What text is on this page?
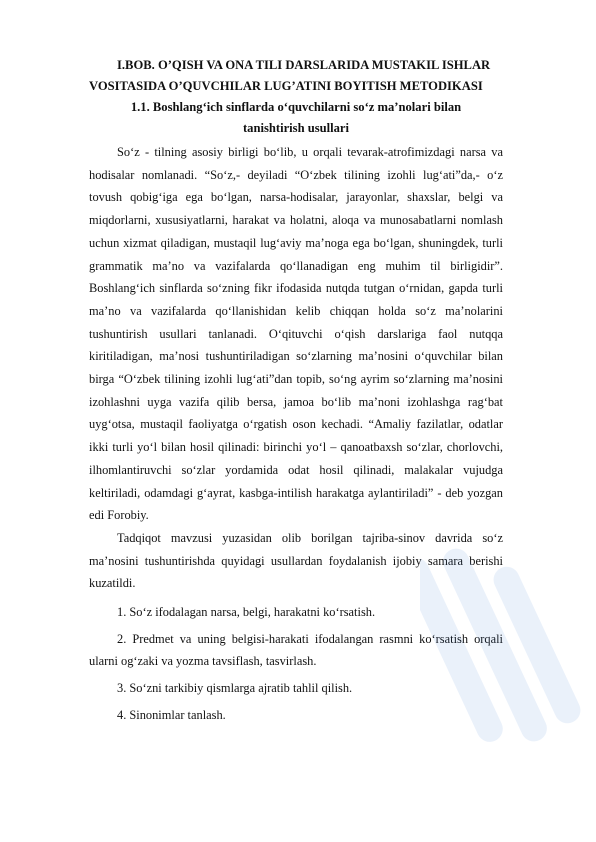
I.BOB. O’QISH VA ONA TILI DARSLARIDA MUSTAKIL ISHLAR VOSITASIDA O’QUVCHILAR LUG’ATINI BOYITISH METODIKASI

1.1. Boshlang‘ich sinflarda o‘quvchilarni so‘z ma’nolari bilan
tanishtirish usullari

So‘z - tilning asosiy birligi bo‘lib, u orqali tevarak-atrofimizdagi narsa va hodisalar nomlanadi. “So‘z,- deyiladi “O‘zbek tilining izohli lug‘ati”da,- o‘z tovush qobig‘iga ega bo‘lgan, narsa-hodisalar, jarayonlar, shaxslar, belgi va miqdorlarni, xususiyatlarni, harakat va holatni, aloqa va munosabatlarni nomlash uchun xizmat qiladigan, mustaqil lug‘aviy ma’noga ega bo‘lgan, shuningdek, turli grammatik ma’no va vazifalarda qo‘llanadigan eng muhim til birligidir”. Boshlang‘ich sinflarda so‘zning fikr ifodasida nutqda tutgan o‘rnidan, gapda turli ma’no va vazifalarda qo‘llanishidan kelib chiqqan holda so‘z ma’nolarini tushuntirish usullari tanlanadi. O‘qituvchi o‘qish darslariga faol nutqqa kiritiladigan, ma’nosi tushuntiriladigan so‘zlarning ma’nosini o‘quvchilar bilan birga “O‘zbek tilining izohli lug‘ati”dan topib, so‘ng ayrim so‘zlarning ma’nosini izohlashni uyga vazifa qilib bersa, jamoa bo‘lib ma’noni izohlashga rag‘bat uyg‘otsa, mustaqil faoliyatga o‘rgatish oson kechadi. “Amaliy fazilatlar, odatlar ikki turli yo‘l bilan hosil qilinadi: birinchi yo‘l – qanoatbaxsh so‘zlar, chorlovchi, ilhomlantiruvchi so‘zlar yordamida odat hosil qilinadi, malakalar vujudga keltiriladi, odamdagi g‘ayrat, kasbga-intilish harakatga aylantiriladi” - deb yozgan edi Forobiy.

Tadqiqot mavzusi yuzasidan olib borilgan tajriba-sinov davrida so‘z ma’nosini tushuntirishda quyidagi usullardan foydalanish ijobiy samara berishi kuzatildi.

1. So‘z ifodalagan narsa, belgi, harakatni ko‘rsatish.

2. Predmet va uning belgisi-harakati ifodalangan rasmni ko‘rsatish orqali ularni og‘zaki va yozma tavsiflash, tasvirlash.

3. So‘zni tarkibiy qismlarga ajratib tahlil qilish.

4. Sinonimlar tanlash.
